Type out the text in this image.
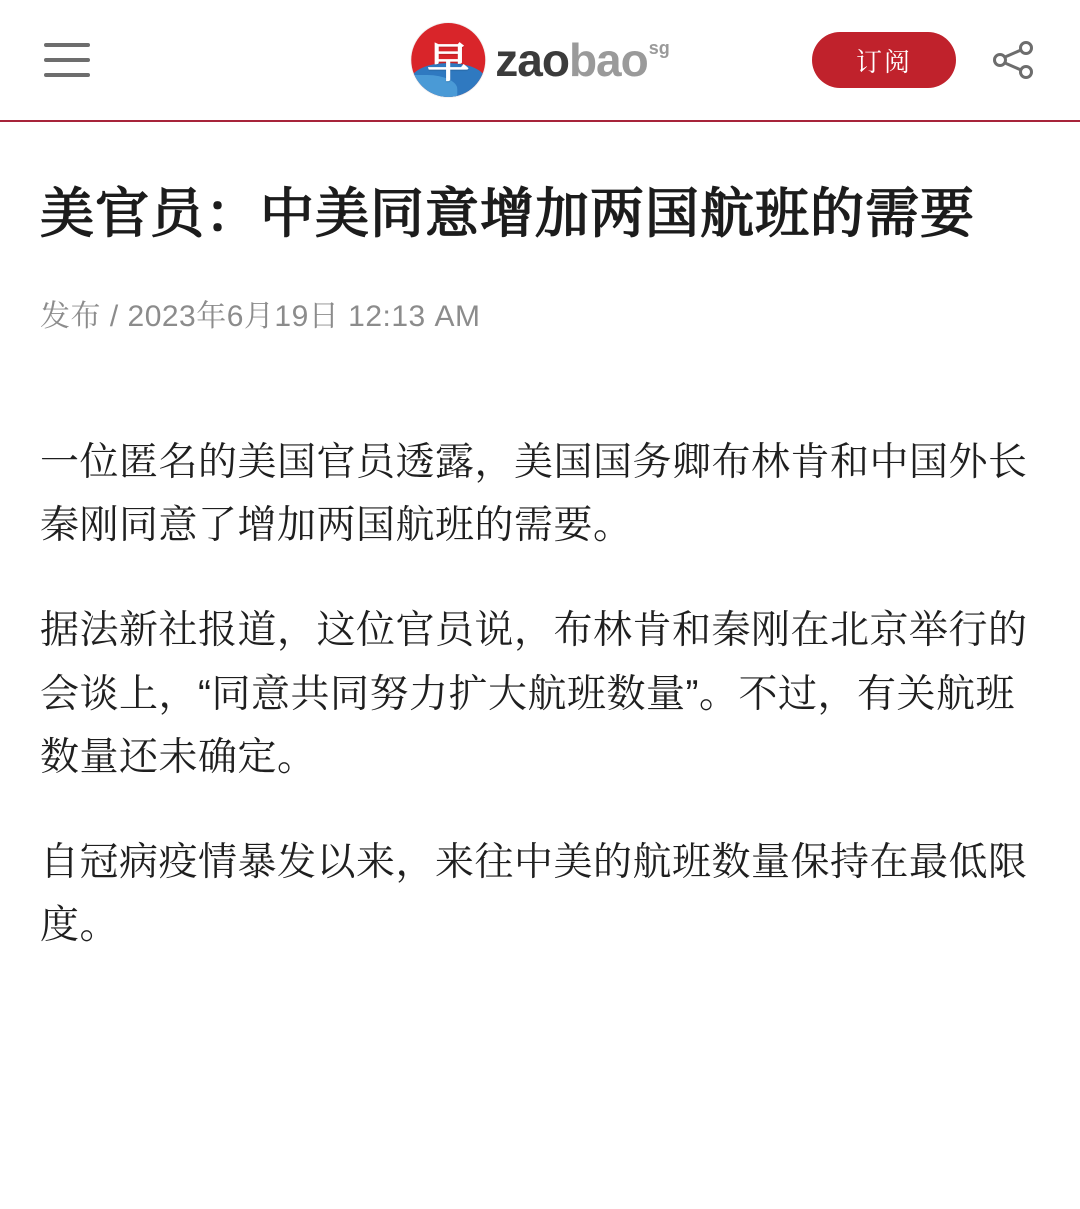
早 zao bao sg	订阅
美官员：中美同意增加两国航班的需要
发布 / 2023年6月19日 12:13 AM

一位匿名的美国官员透露，美国国务卿布林肯和中国外长秦刚同意了增加两国航班的需要。

据法新社报道，这位官员说，布林肯和秦刚在北京举行的会谈上，“同意共同努力扩大航班数量”。不过，有关航班数量还未确定。

自冠病疫情暴发以来，来往中美的航班数量保持在最低限度。
